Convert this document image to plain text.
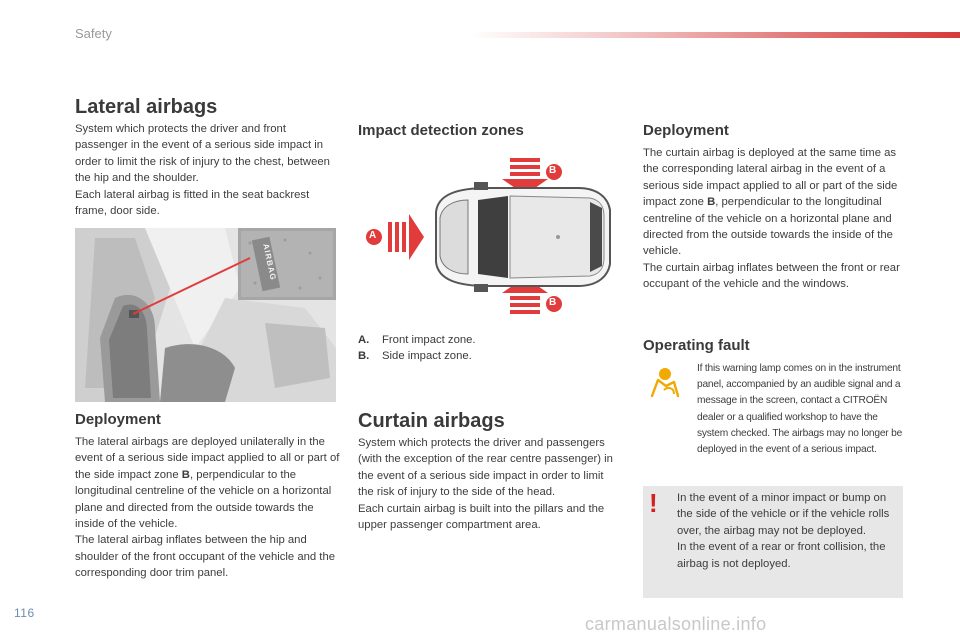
Safety
Lateral airbags

System which protects the driver and front passenger in the event of a serious side impact in order to limit the risk of injury to the chest, between the hip and the shoulder.

Each lateral airbag is fitted in the seat backrest frame, door side.

AIRBAG
Deployment

The lateral airbags are deployed unilaterally in the event of a serious side impact applied to all or part of the side impact zone B, perpendicular to the longitudinal centreline of the vehicle on a horizontal plane and directed from the outside towards the inside of the vehicle.

The lateral airbag inflates between the hip and shoulder of the front occupant of the vehicle and the corresponding door trim panel.

Impact detection zones
B
B
A
A. Front impact zone.
B. Side impact zone.
Curtain airbags

System which protects the driver and passengers (with the exception of the rear centre passenger) in the event of a serious side impact in order to limit the risk of injury to the side of the head.

Each curtain airbag is built into the pillars and the upper passenger compartment area.

Deployment

The curtain airbag is deployed at the same time as the corresponding lateral airbag in the event of a serious side impact applied to all or part of the side impact zone B, perpendicular to the longitudinal centreline of the vehicle on a horizontal plane and directed from the outside towards the inside of the vehicle.

The curtain airbag inflates between the front or rear occupant of the vehicle and the windows.

Operating fault
If this warning lamp comes on in the instrument panel, accompanied by an audible signal and a message in the screen, contact a CITROËN dealer or a qualified workshop to have the system checked. The airbags may no longer be deployed in the event of a serious impact.
! In the event of a minor impact or bump on the side of the vehicle or if the vehicle rolls over, the airbag may not be deployed.

In the event of a rear or front collision, the airbag is not deployed.

116
carmanualsonline.info
